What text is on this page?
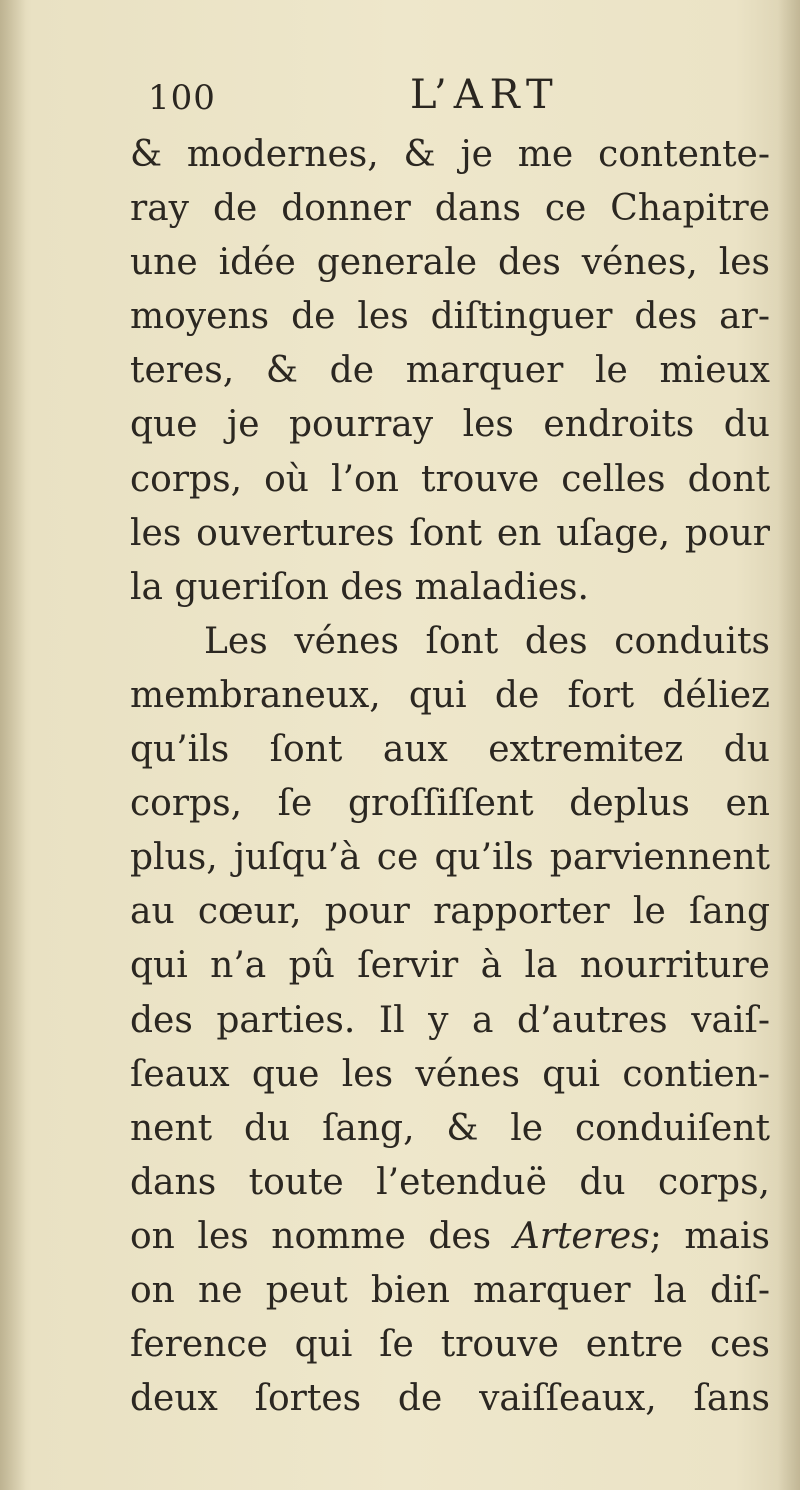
100	L’ART
& modernes, & je me contente-
ray de donner dans ce Chapitre
une idée generale des vénes, les
moyens de les diſtinguer des ar-
teres, & de marquer le mieux
que je pourray les endroits du
corps, où l’on trouve celles dont
les ouvertures ſont en uſage, pour
la gueriſon des maladies.
Les vénes ſont des conduits
membraneux, qui de fort déliez
qu’ils ſont aux extremitez du
corps, ſe groſſiſſent deplus en
plus, juſqu’à ce qu’ils parviennent
au cœur, pour rapporter le ſang
qui n’a pû ſervir à la nourriture
des parties. Il y a d’autres vaiſ-
ſeaux que les vénes qui contien-
nent du ſang, & le conduiſent
dans toute l’etenduë du corps,
on les nomme des Arteres; mais
on ne peut bien marquer la diſ-
ference qui ſe trouve entre ces
deux ſortes de vaiſſeaux, ſans
